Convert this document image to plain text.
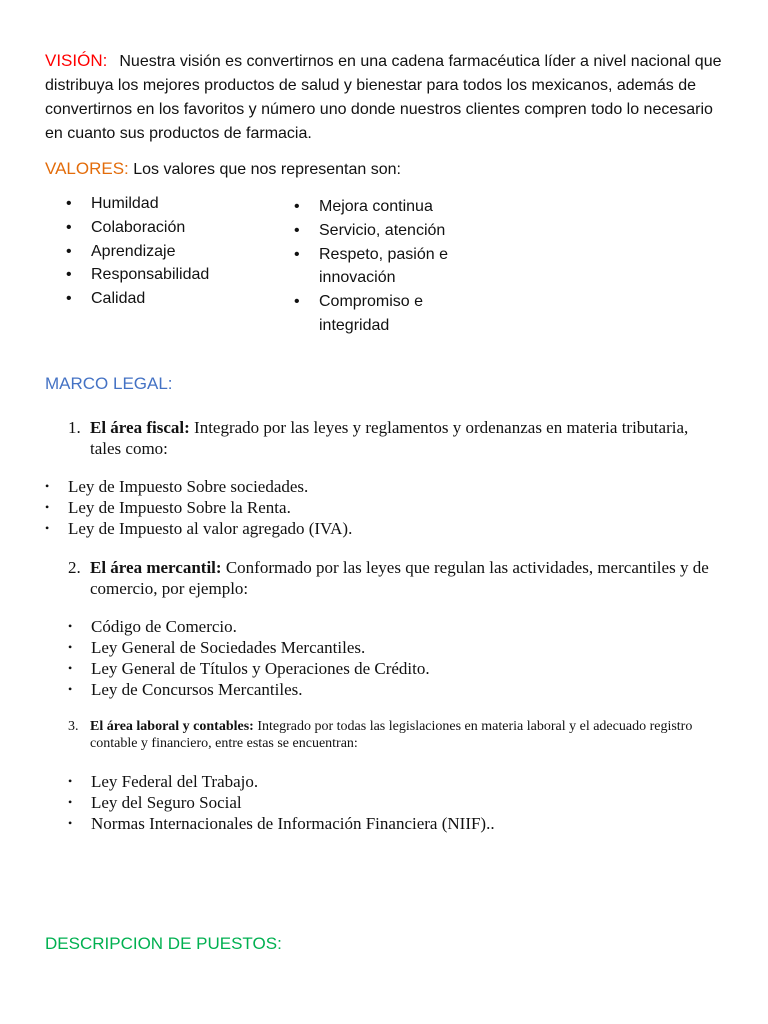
VISIÓN: Nuestra visión es convertirnos en una cadena farmacéutica líder a nivel nacional que distribuya los mejores productos de salud y bienestar para todos los mexicanos, además de convertirnos en los favoritos y número uno donde nuestros clientes compren todo lo necesario en cuanto sus productos de farmacia.

VALORES: Los valores que nos representan son:

• Humildad
• Colaboración
• Aprendizaje
• Responsabilidad
• Calidad
• Mejora continua
• Servicio, atención
• Respeto, pasión e innovación
• Compromiso e integridad

MARCO LEGAL:

1. El área fiscal: Integrado por las leyes y reglamentos y ordenanzas en materia tributaria, tales como:

• Ley de Impuesto Sobre sociedades.
• Ley de Impuesto Sobre la Renta.
• Ley de Impuesto al valor agregado (IVA).

2. El área mercantil: Conformado por las leyes que regulan las actividades, mercantiles y de comercio, por ejemplo:

• Código de Comercio.
• Ley General de Sociedades Mercantiles.
• Ley General de Títulos y Operaciones de Crédito.
• Ley de Concursos Mercantiles.

3. El área laboral y contables: Integrado por todas las legislaciones en materia laboral y el adecuado registro contable y financiero, entre estas se encuentran:

• Ley Federal del Trabajo.
• Ley del Seguro Social
• Normas Internacionales de Información Financiera (NIIF)..

DESCRIPCION DE PUESTOS:
